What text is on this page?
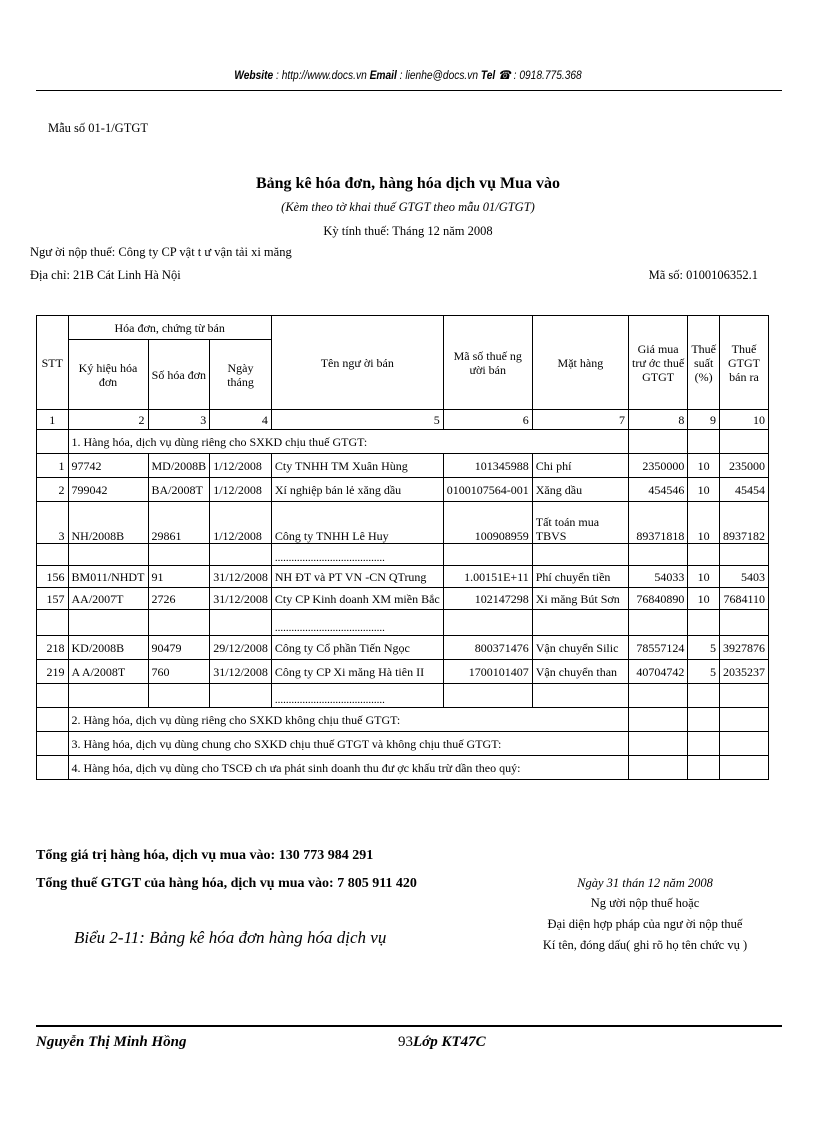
Website : http://www.docs.vn Email : lienhe@docs.vn Tel ☎ : 0918.775.368
Mẫu số 01-1/GTGT
Bảng kê hóa đơn, hàng hóa dịch vụ Mua vào
(Kèm theo tờ khai thuế GTGT theo mẫu 01/GTGT)
Kỳ tính thuế: Tháng 12 năm 2008
Ngư ời nộp thuế: Công ty CP vật t ư vận tải xi măng
Địa chỉ: 21B Cát Linh Hà Nội	Mã số: 0100106352.1
STT	Hóa đơn, chứng từ bán			Tên ngư ời bán	Mã số thuế ng ười bán	Mặt hàng	Giá mua trư ớc thuế GTGT	Thuế suất (%)	Thuế GTGT bán ra
	Ký hiệu hóa đơn	Số hóa đơn	Ngày tháng						
1	2	3	4	5	6	7	8	9	10
	1. Hàng hóa, dịch vụ dùng riêng cho SXKD chịu thuế GTGT:								
1	97742	MD/2008B	1/12/2008	Cty TNHH TM Xuân Hùng	101345988	Chi phí	2350000	10	235000
2	799042	BA/2008T	1/12/2008	Xí nghiệp bán lẻ xăng dầu	0100107564-001	Xăng dầu	454546	10	45454
3	NH/2008B	29861	1/12/2008	Công ty TNHH Lê Huy	100908959	Tất toán mua TBVS	89371818	10	8937182
				........................................					
156	BM011/NHDT	91	31/12/2008	NH ĐT và PT VN -CN QTrung	1.00151E+11	Phí chuyển tiền	54033	10	5403
157	AA/2007T	2726	31/12/2008	Cty CP Kinh doanh XM miền Bắc	102147298	Xi măng Bút Sơn	76840890	10	7684110
				........................................					
218	KD/2008B	90479	29/12/2008	Công ty Cổ phần Tiến Ngọc	800371476	Vận chuyển Silic	78557124	5	3927876
219	A A/2008T	760	31/12/2008	Công ty CP Xi măng Hà tiên II	1700101407	Vận chuyển than	40704742	5	2035237
				........................................					
	2. Hàng hóa, dịch vụ dùng riêng cho SXKD không chịu thuế GTGT:								
	3. Hàng hóa, dịch vụ dùng chung cho SXKD chịu thuế GTGT và không chịu thuế GTGT:								
	4. Hàng hóa, dịch vụ dùng cho TSCĐ ch ưa phát sinh doanh thu đư ợc khấu trừ dần theo quý:								
Tổng giá trị hàng hóa, dịch vụ mua vào: 130 773 984 291
Tổng thuế GTGT của hàng hóa, dịch vụ mua vào: 7 805 911 420
Biểu 2-11: Bảng kê hóa đơn hàng hóa dịch vụ
Ngày 31 thán 12 năm 2008
Ng ười nộp thuế hoặc
Đại diện hợp pháp của ngư ời nộp thuế
Kí tên, đóng dấu( ghi rõ họ tên chức vụ )
Nguyễn Thị Minh Hồng	93Lớp KT47C
